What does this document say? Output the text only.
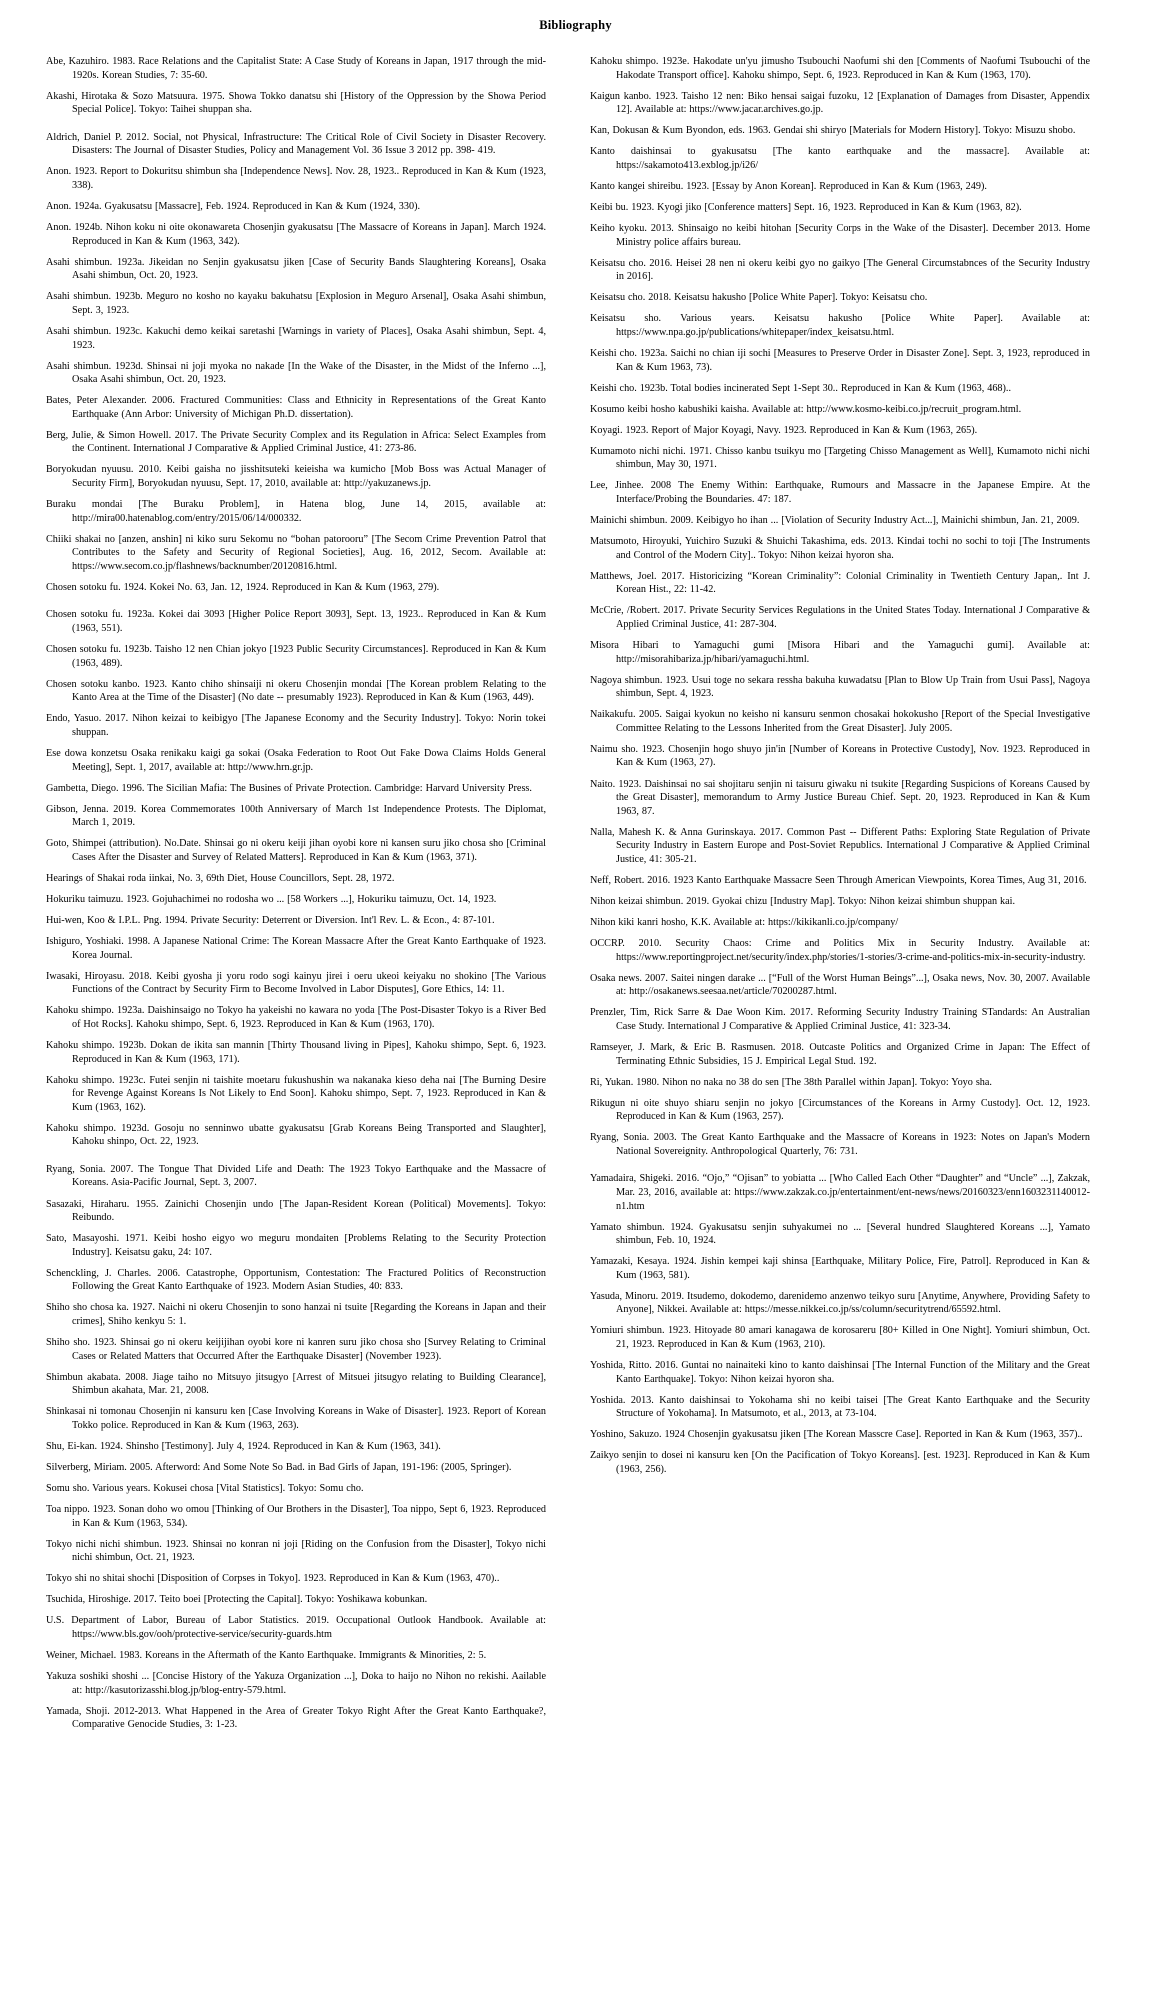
Bibliography
Abe, Kazuhiro. 1983. Race Relations and the Capitalist State: A Case Study of Koreans in Japan, 1917 through the mid-1920s. Korean Studies, 7: 35-60.
Akashi, Hirotaka & Sozo Matsuura. 1975. Showa Tokko danatsu shi [History of the Oppression by the Showa Period Special Police]. Tokyo: Taihei shuppan sha.
Aldrich, Daniel P. 2012. Social, not Physical, Infrastructure: The Critical Role of Civil Society in Disaster Recovery. Disasters: The Journal of Disaster Studies, Policy and Management Vol. 36 Issue 3 2012 pp. 398- 419.
Anon. 1923. Report to Dokuritsu shimbun sha [Independence News]. Nov. 28, 1923.. Reproduced in Kan & Kum (1923, 338).
Anon. 1924a. Gyakusatsu [Massacre], Feb. 1924. Reproduced in Kan & Kum (1924, 330).
Anon. 1924b. Nihon koku ni oite okonawareta Chosenjin gyakusatsu [The Massacre of Koreans in Japan]. March 1924. Reproduced in Kan & Kum (1963, 342).
Asahi shimbun. 1923a. Jikeidan no Senjin gyakusatsu jiken [Case of Security Bands Slaughtering Koreans], Osaka Asahi shimbun, Oct. 20, 1923.
Asahi shimbun. 1923b. Meguro no kosho no kayaku bakuhatsu [Explosion in Meguro Arsenal], Osaka Asahi shimbun, Sept. 3, 1923.
Asahi shimbun. 1923c. Kakuchi demo keikai saretashi [Warnings in variety of Places], Osaka Asahi shimbun, Sept. 4, 1923.
Asahi shimbun. 1923d. Shinsai ni joji myoka no nakade [In the Wake of the Disaster, in the Midst of the Inferno ...], Osaka Asahi shimbun, Oct. 20, 1923.
Bates, Peter Alexander. 2006. Fractured Communities: Class and Ethnicity in Representations of the Great Kanto Earthquake (Ann Arbor: University of Michigan Ph.D. dissertation).
Berg, Julie, & Simon Howell. 2017. The Private Security Complex and its Regulation in Africa: Select Examples from the Continent. International J Comparative & Applied Criminal Justice, 41: 273-86.
Boryokudan nyuusu. 2010. Keibi gaisha no jisshitsuteki keieisha wa kumicho [Mob Boss was Actual Manager of Security Firm], Boryokudan nyuusu, Sept. 17, 2010, available at: http://yakuzanews.jp.
Buraku mondai [The Buraku Problem], in Hatena blog, June 14, 2015, available at: http://mira00.hatenablog.com/entry/2015/06/14/000332.
Chiiki shakai no [anzen, anshin] ni kiko suru Sekomu no “bohan patorooru” [The Secom Crime Prevention Patrol that Contributes to the Safety and Security of Regional Societies], Aug. 16, 2012, Secom. Available at: https://www.secom.co.jp/flashnews/backnumber/20120816.html.
Chosen sotoku fu. 1924. Kokei No. 63, Jan. 12, 1924. Reproduced in Kan & Kum (1963, 279).
Chosen sotoku fu. 1923a. Kokei dai 3093 [Higher Police Report 3093], Sept. 13, 1923.. Reproduced in Kan & Kum (1963, 551).
Chosen sotoku fu. 1923b. Taisho 12 nen Chian jokyo [1923 Public Security Circumstances]. Reproduced in Kan & Kum (1963, 489).
Chosen sotoku kanbo. 1923. Kanto chiho shinsaiji ni okeru Chosenjin mondai [The Korean problem Relating to the Kanto Area at the Time of the Disaster] (No date -- presumably 1923). Reproduced in Kan & Kum (1963, 449).
Endo, Yasuo. 2017. Nihon keizai to keibigyo [The Japanese Economy and the Security Industry]. Tokyo: Norin tokei shuppan.
Ese dowa konzetsu Osaka renikaku kaigi ga sokai (Osaka Federation to Root Out Fake Dowa Claims Holds General Meeting], Sept. 1, 2017, available at: http://www.hrn.gr.jp.
Gambetta, Diego. 1996. The Sicilian Mafia: The Busines of Private Protection. Cambridge: Harvard University Press.
Gibson, Jenna. 2019. Korea Commemorates 100th Anniversary of March 1st Independence Protests. The Diplomat, March 1, 2019.
Goto, Shimpei (attribution). No.Date. Shinsai go ni okeru keiji jihan oyobi kore ni kansen suru jiko chosa sho [Criminal Cases After the Disaster and Survey of Related Matters]. Reproduced in Kan & Kum (1963, 371).
Hearings of Shakai roda iinkai, No. 3, 69th Diet, House Councillors, Sept. 28, 1972.
Hokuriku taimuzu. 1923. Gojuhachimei no rodosha wo ... [58 Workers ...], Hokuriku taimuzu, Oct. 14, 1923.
Hui-wen, Koo & I.P.L. Png. 1994. Private Security: Deterrent or Diversion. Int'l Rev. L. & Econ., 4: 87-101.
Ishiguro, Yoshiaki. 1998. A Japanese National Crime: The Korean Massacre After the Great Kanto Earthquake of 1923. Korea Journal.
Iwasaki, Hiroyasu. 2018. Keibi gyosha ji yoru rodo sogi kainyu jirei i oeru ukeoi keiyaku no shokino [The Various Functions of the Contract by Security Firm to Become Involved in Labor Disputes], Gore Ethics, 14: 11.
Kahoku shimpo. 1923a. Daishinsaigo no Tokyo ha yakeishi no kawara no yoda [The Post-Disaster Tokyo is a River Bed of Hot Rocks]. Kahoku shimpo, Sept. 6, 1923. Reproduced in Kan & Kum (1963, 170).
Kahoku shimpo. 1923b. Dokan de ikita san mannin [Thirty Thousand living in Pipes], Kahoku shimpo, Sept. 6, 1923. Reproduced in Kan & Kum (1963, 171).
Kahoku shimpo. 1923c. Futei senjin ni taishite moetaru fukushushin wa nakanaka kieso deha nai [The Burning Desire for Revenge Against Koreans Is Not Likely to End Soon]. Kahoku shimpo, Sept. 7, 1923. Reproduced in Kan & Kum (1963, 162).
Kahoku shimpo. 1923d. Gosoju no senninwo ubatte gyakusatsu [Grab Koreans Being Transported and Slaughter], Kahoku shinpo, Oct. 22, 1923.
Ryang, Sonia. 2007. The Tongue That Divided Life and Death: The 1923 Tokyo Earthquake and the Massacre of Koreans. Asia-Pacific Journal, Sept. 3, 2007.
Sasazaki, Hiraharu. 1955. Zainichi Chosenjin undo [The Japan-Resident Korean (Political) Movements]. Tokyo: Reibundo.
Sato, Masayoshi. 1971. Keibi hosho eigyo wo meguru mondaiten [Problems Relating to the Security Protection Industry]. Keisatsu gaku, 24: 107.
Schenckling, J. Charles. 2006. Catastrophe, Opportunism, Contestation: The Fractured Politics of Reconstruction Following the Great Kanto Earthquake of 1923. Modern Asian Studies, 40: 833.
Shiho sho chosa ka. 1927. Naichi ni okeru Chosenjin to sono hanzai ni tsuite [Regarding the Koreans in Japan and their crimes], Shiho kenkyu 5: 1.
Shiho sho. 1923. Shinsai go ni okeru keijijihan oyobi kore ni kanren suru jiko chosa sho [Survey Relating to Criminal Cases or Related Matters that Occurred After the Earthquake Disaster] (November 1923).
Shimbun akabata. 2008. Jiage taiho no Mitsuyo jitsugyo [Arrest of Mitsuei jitsugyo relating to Building Clearance], Shimbun akahata, Mar. 21, 2008.
Shinkasai ni tomonau Chosenjin ni kansuru ken [Case Involving Koreans in Wake of Disaster]. 1923. Report of Korean Tokko police. Reproduced in Kan & Kum (1963, 263).
Shu, Ei-kan. 1924. Shinsho [Testimony]. July 4, 1924. Reproduced in Kan & Kum (1963, 341).
Silverberg, Miriam. 2005. Afterword: And Some Note So Bad. in Bad Girls of Japan, 191-196: (2005, Springer).
Somu sho. Various years. Kokusei chosa [Vital Statistics]. Tokyo: Somu cho.
Toa nippo. 1923. Sonan doho wo omou [Thinking of Our Brothers in the Disaster], Toa nippo, Sept 6, 1923. Reproduced in Kan & Kum (1963, 534).
Tokyo nichi nichi shimbun. 1923. Shinsai no konran ni joji [Riding on the Confusion from the Disaster], Tokyo nichi nichi shimbun, Oct. 21, 1923.
Tokyo shi no shitai shochi [Disposition of Corpses in Tokyo]. 1923. Reproduced in Kan & Kum (1963, 470)..
Tsuchida, Hiroshige. 2017. Teito boei [Protecting the Capital]. Tokyo: Yoshikawa kobunkan.
U.S. Department of Labor, Bureau of Labor Statistics. 2019. Occupational Outlook Handbook. Available at: https://www.bls.gov/ooh/protective-service/security-guards.htm
Weiner, Michael. 1983. Koreans in the Aftermath of the Kanto Earthquake. Immigrants & Minorities, 2: 5.
Yakuza soshiki shoshi ... [Concise History of the Yakuza Organization ...], Doka to haijo no Nihon no rekishi. Aailable at: http://kasutorizasshi.blog.jp/blog-entry-579.html.
Yamada, Shoji. 2012-2013. What Happened in the Area of Greater Tokyo Right After the Great Kanto Earthquake?, Comparative Genocide Studies, 3: 1-23.
Kahoku shimpo. 1923e. Hakodate un'yu jimusho Tsubouchi Naofumi shi den [Comments of Naofumi Tsubouchi of the Hakodate Transport office]. Kahoku shimpo, Sept. 6, 1923. Reproduced in Kan & Kum (1963, 170).
Kaigun kanbo. 1923. Taisho 12 nen: Biko hensai saigai fuzoku, 12 [Explanation of Damages from Disaster, Appendix 12]. Available at: https://www.jacar.archives.go.jp.
Kan, Dokusan & Kum Byondon, eds. 1963. Gendai shi shiryo [Materials for Modern History]. Tokyo: Misuzu shobo.
Kanto daishinsai to gyakusatsu [The kanto earthquake and the massacre]. Available at: https://sakamoto413.exblog.jp/i26/
Kanto kangei shireibu. 1923. [Essay by Anon Korean]. Reproduced in Kan & Kum (1963, 249).
Keibi bu. 1923. Kyogi jiko [Conference matters] Sept. 16, 1923. Reproduced in Kan & Kum (1963, 82).
Keiho kyoku. 2013. Shinsaigo no keibi hitohan [Security Corps in the Wake of the Disaster]. December 2013. Home Ministry police affairs bureau.
Keisatsu cho. 2016. Heisei 28 nen ni okeru keibi gyo no gaikyo [The General Circumstabnces of the Security Industry in 2016].
Keisatsu cho. 2018. Keisatsu hakusho [Police White Paper]. Tokyo: Keisatsu cho.
Keisatsu sho. Various years. Keisatsu hakusho [Police White Paper]. Available at: https://www.npa.go.jp/publications/whitepaper/index_keisatsu.html.
Keishi cho. 1923a. Saichi no chian iji sochi [Measures to Preserve Order in Disaster Zone]. Sept. 3, 1923, reproduced in Kan & Kum 1963, 73).
Keishi cho. 1923b. Total bodies incinerated Sept 1-Sept 30.. Reproduced in Kan & Kum (1963, 468)..
Kosumo keibi hosho kabushiki kaisha. Available at: http://www.kosmo-keibi.co.jp/recruit_program.html.
Koyagi. 1923. Report of Major Koyagi, Navy. 1923. Reproduced in Kan & Kum (1963, 265).
Kumamoto nichi nichi. 1971. Chisso kanbu tsuikyu mo [Targeting Chisso Management as Well], Kumamoto nichi nichi shimbun, May 30, 1971.
Lee, Jinhee. 2008 The Enemy Within: Earthquake, Rumours and Massacre in the Japanese Empire. At the Interface/Probing the Boundaries. 47: 187.
Mainichi shimbun. 2009. Keibigyo ho ihan ... [Violation of Security Industry Act...], Mainichi shimbun, Jan. 21, 2009.
Matsumoto, Hiroyuki, Yuichiro Suzuki & Shuichi Takashima, eds. 2013. Kindai tochi no sochi to toji [The Instruments and Control of the Modern City].. Tokyo: Nihon keizai hyoron sha.
Matthews, Joel. 2017. Historicizing “Korean Criminality”: Colonial Criminality in Twentieth Century Japan,. Int J. Korean Hist., 22: 11-42.
McCrie, /Robert. 2017. Private Security Services Regulations in the United States Today. International J Comparative & Applied Criminal Justice, 41: 287-304.
Misora Hibari to Yamaguchi gumi [Misora Hibari and the Yamaguchi gumi]. Available at: http://misorahibariza.jp/hibari/yamaguchi.html.
Nagoya shimbun. 1923. Usui toge no sekara ressha bakuha kuwadatsu [Plan to Blow Up Train from Usui Pass], Nagoya shimbun, Sept. 4, 1923.
Naikakufu. 2005. Saigai kyokun no keisho ni kansuru senmon chosakai hokokusho [Report of the Special Investigative Committee Relating to the Lessons Inherited from the Great Disaster]. July 2005.
Naimu sho. 1923. Chosenjin hogo shuyo jin'in [Number of Koreans in Protective Custody], Nov. 1923. Reproduced in Kan & Kum (1963, 27).
Naito. 1923. Daishinsai no sai shojitaru senjin ni taisuru giwaku ni tsukite [Regarding Suspicions of Koreans Caused by the Great Disaster], memorandum to Army Justice Bureau Chief. Sept. 20, 1923. Reproduced in Kan & Kum 1963, 87.
Nalla, Mahesh K. & Anna Gurinskaya. 2017. Common Past -- Different Paths: Exploring State Regulation of Private Security Industry in Eastern Europe and Post-Soviet Republics. International J Comparative & Applied Criminal Justice, 41: 305-21.
Neff, Robert. 2016. 1923 Kanto Earthquake Massacre Seen Through American Viewpoints, Korea Times, Aug 31, 2016.
Nihon keizai shimbun. 2019. Gyokai chizu [Industry Map]. Tokyo: Nihon keizai shimbun shuppan kai.
Nihon kiki kanri hosho, K.K. Available at: https://kikikanli.co.jp/company/
OCCRP. 2010. Security Chaos: Crime and Politics Mix in Security Industry. Available at: https://www.reportingproject.net/security/index.php/stories/1-stories/3-crime-and-politics-mix-in-security-industry.
Osaka news. 2007. Saitei ningen darake ... [“Full of the Worst Human Beings”...], Osaka news, Nov. 30, 2007. Available at: http://osakanews.seesaa.net/article/70200287.html.
Prenzler, Tim, Rick Sarre & Dae Woon Kim. 2017. Reforming Security Industry Training STandards: An Australian Case Study. International J Comparative & Applied Criminal Justice, 41: 323-34.
Ramseyer, J. Mark, & Eric B. Rasmusen. 2018. Outcaste Politics and Organized Crime in Japan: The Effect of Terminating Ethnic Subsidies, 15 J. Empirical Legal Stud. 192.
Ri, Yukan. 1980. Nihon no naka no 38 do sen [The 38th Parallel within Japan]. Tokyo: Yoyo sha.
Rikugun ni oite shuyo shiaru senjin no jokyo [Circumstances of the Koreans in Army Custody]. Oct. 12, 1923. Reproduced in Kan & Kum (1963, 257).
Ryang, Sonia. 2003. The Great Kanto Earthquake and the Massacre of Koreans in 1923: Notes on Japan's Modern National Sovereignity. Anthropological Quarterly, 76: 731.
Yamadaira, Shigeki. 2016. “Ojo,” “Ojisan” to yobiatta ... [Who Called Each Other “Daughter” and “Uncle” ...], Zakzak, Mar. 23, 2016, available at: https://www.zakzak.co.jp/entertainment/ent-news/news/20160323/enn1603231140012-n1.htm
Yamato shimbun. 1924. Gyakusatsu senjin suhyakumei no ... [Several hundred Slaughtered Koreans ...], Yamato shimbun, Feb. 10, 1924.
Yamazaki, Kesaya. 1924. Jishin kempei kaji shinsa [Earthquake, Military Police, Fire, Patrol]. Reproduced in Kan & Kum (1963, 581).
Yasuda, Minoru. 2019. Itsudemo, dokodemo, darenidemo anzenwo teikyo suru [Anytime, Anywhere, Providing Safety to Anyone], Nikkei. Available at: https://messe.nikkei.co.jp/ss/column/securitytrend/65592.html.
Yomiuri shimbun. 1923. Hitoyade 80 amari kanagawa de korosareru [80+ Killed in One Night]. Yomiuri shimbun, Oct. 21, 1923. Reproduced in Kan & Kum (1963, 210).
Yoshida, Ritto. 2016. Guntai no nainaiteki kino to kanto daishinsai [The Internal Function of the Military and the Great Kanto Earthquake]. Tokyo: Nihon keizai hyoron sha.
Yoshida. 2013. Kanto daishinsai to Yokohama shi no keibi taisei [The Great Kanto Earthquake and the Security Structure of Yokohama]. In Matsumoto, et al., 2013, at 73-104.
Yoshino, Sakuzo. 1924 Chosenjin gyakusatsu jiken [The Korean Masscre Case]. Reported in Kan & Kum (1963, 357)..
Zaikyo senjin to dosei ni kansuru ken [On the Pacification of Tokyo Koreans]. [est. 1923]. Reproduced in Kan & Kum (1963, 256).
